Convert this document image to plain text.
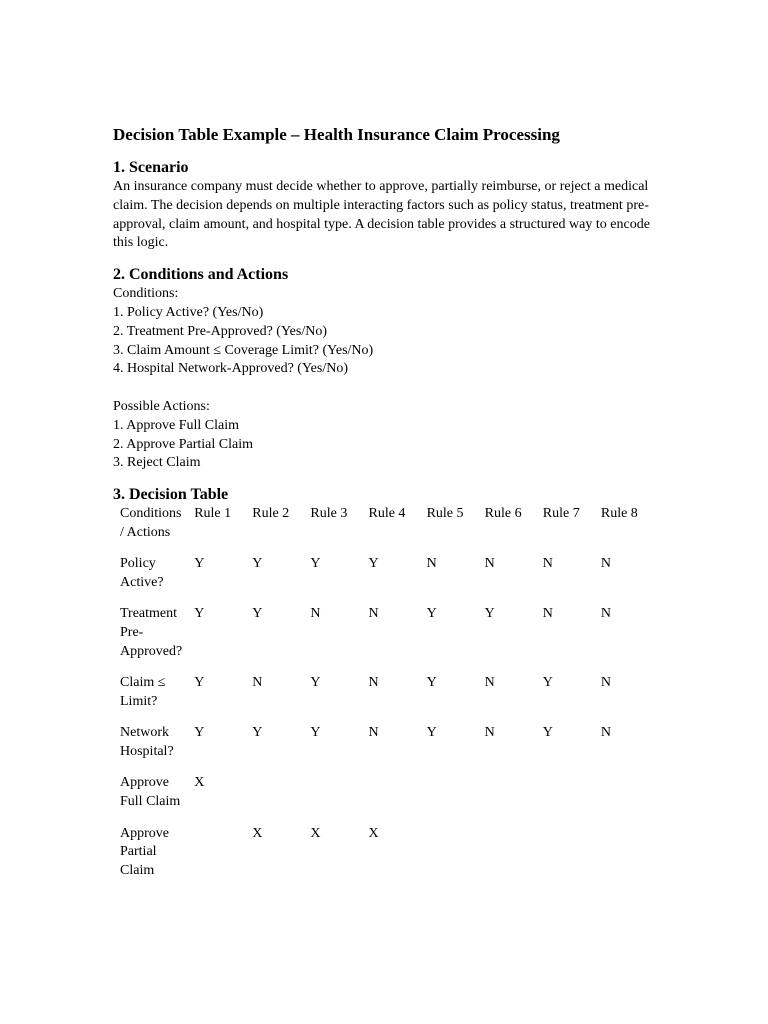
Decision Table Example – Health Insurance Claim Processing
1. Scenario

An insurance company must decide whether to approve, partially reimburse, or reject a medical claim. The decision depends on multiple interacting factors such as policy status, treatment pre-approval, claim amount, and hospital type. A decision table provides a structured way to encode this logic.

2. Conditions and Actions
Conditions:
1. Policy Active? (Yes/No)
2. Treatment Pre-Approved? (Yes/No)
3. Claim Amount ≤ Coverage Limit? (Yes/No)
4. Hospital Network-Approved? (Yes/No)
Possible Actions:
1. Approve Full Claim
2. Approve Partial Claim
3. Reject Claim
3. Decision Table
Conditions / Actions	Rule 1	Rule 2	Rule 3	Rule 4	Rule 5	Rule 6	Rule 7	Rule 8
Policy Active?	Y	Y	Y	Y	N	N	N	N
Treatment Pre-Approved?	Y	Y	N	N	Y	Y	N	N
Claim ≤ Limit?	Y	N	Y	N	Y	N	Y	N
Network Hospital?	Y	Y	Y	N	Y	N	Y	N
Approve Full Claim	X							
Approve Partial Claim		X	X	X				
